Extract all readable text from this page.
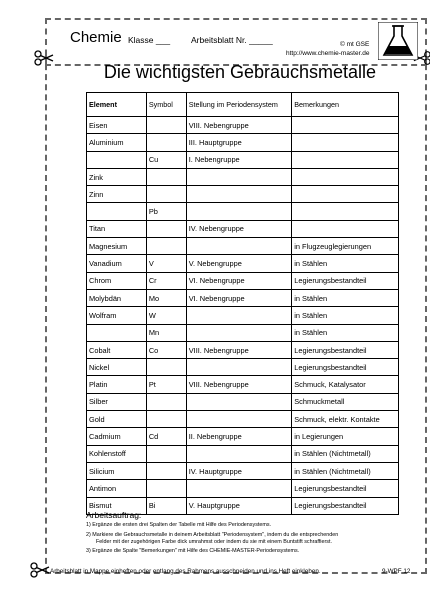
Chemie Klasse ___ Arbeitsblatt Nr. _____	© mt GSE
http://www.chemie-master.de
Die wichtigsten Gebrauchsmetalle
Element	Symbol	Stellung im Periodensystem	Bemerkungen
Eisen		VIII. Nebengruppe	
Aluminium		III. Hauptgruppe	
	Cu	I. Nebengruppe	
Zink			
Zinn			
	Pb		
Titan		IV. Nebengruppe	
Magnesium			in Flugzeuglegierungen
Vanadium	V	V. Nebengruppe	in Stählen
Chrom	Cr	VI. Nebengruppe	Legierungsbestandteil
Molybdän	Mo	VI. Nebengruppe	in Stählen
Wolfram	W		in Stählen
	Mn		in Stählen
Cobalt	Co	VIII. Nebengruppe	Legierungsbestandteil
Nickel			Legierungsbestandteil
Platin	Pt	VIII. Nebengruppe	Schmuck, Katalysator
Silber			Schmuckmetall
Gold			Schmuck, elektr. Kontakte
Cadmium	Cd	II. Nebengruppe	in Legierungen
Kohlenstoff			in Stählen (Nichtmetall)
Silicium		IV. Hauptgruppe	in Stählen (Nichtmetall)
Antimon			Legierungsbestandteil
Bismut	Bi	V. Hauptgruppe	Legierungsbestandteil
Arbeitsauftrag:
1) Ergänze die ersten drei Spalten der Tabelle mit Hilfe des Periodensystems.
2) Markiere die Gebrauchsmetalle in deinem Arbeitsblatt "Periodensystem", indem du die entsprechenden
Felder mit der zugehörigen Farbe dick umrahmst oder indem du sie mit einem Buntstift schraffierst.
3) Ergänze die Spalte "Bemerkungen" mit Hilfe des CHEMIE-MASTER-Periodensystems.
Arbeitsblatt in Mappe einheften oder entlang des Rahmens ausschneiden und ins Heft einkleben.	9-WPF 12
